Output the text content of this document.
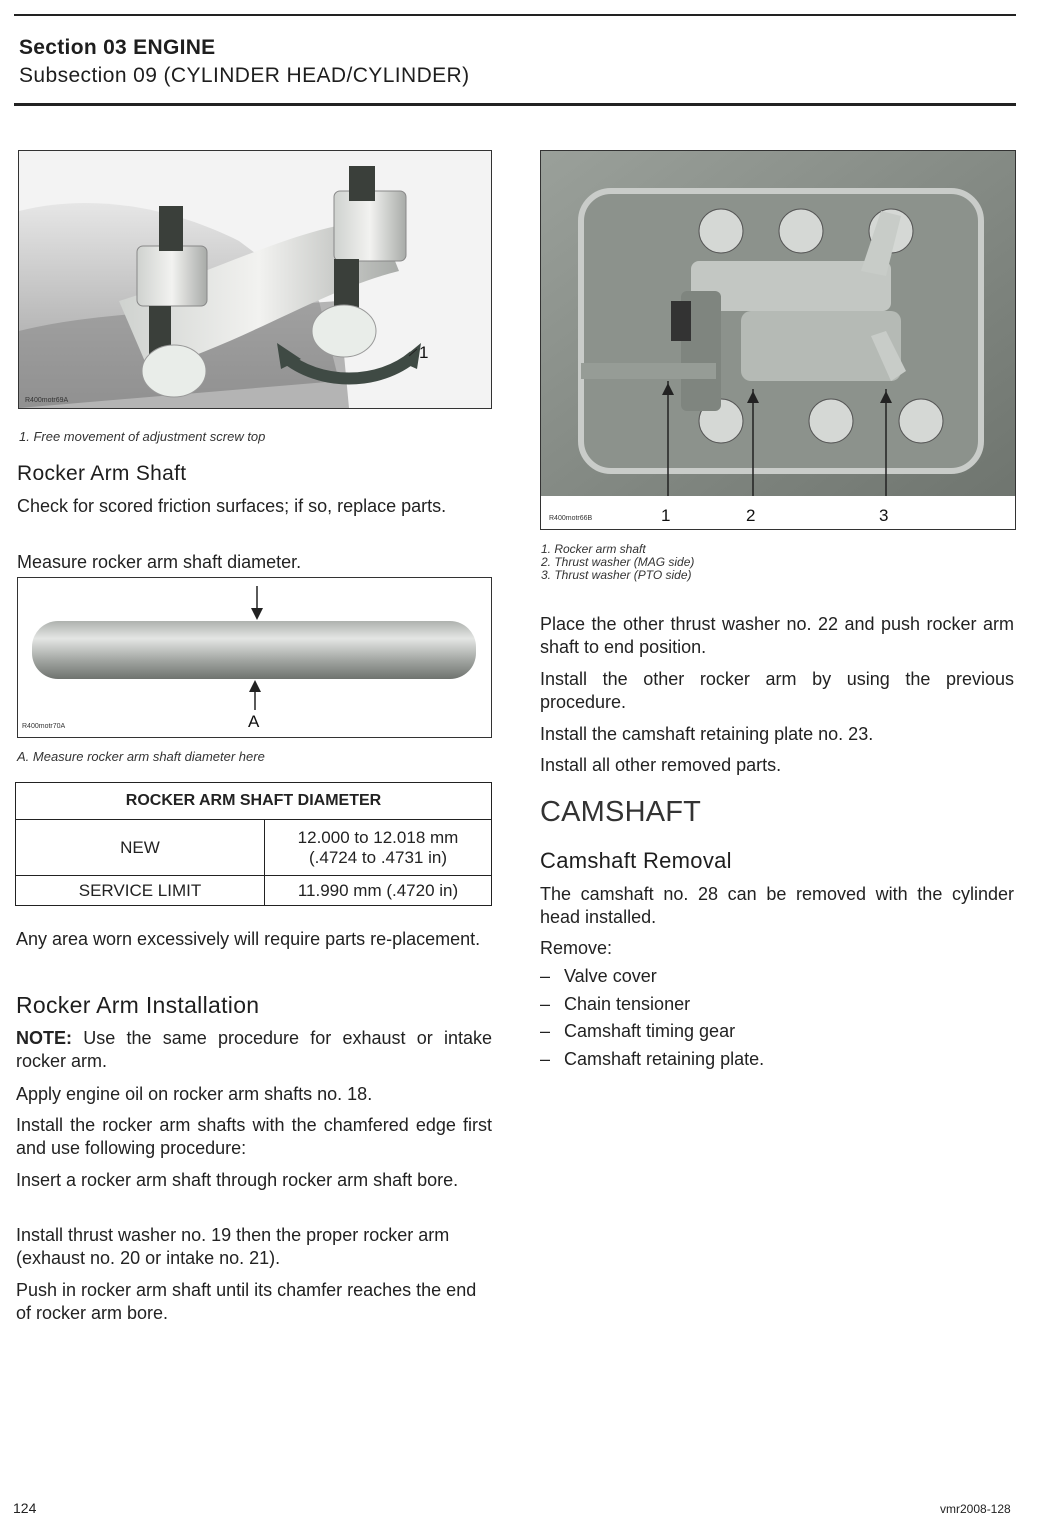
Section 03 ENGINE
Subsection 09 (CYLINDER HEAD/CYLINDER)
R400motr69A
1
1. Free movement of adjustment screw top
Rocker Arm Shaft
Check for scored friction surfaces; if so, replace parts.
Measure rocker arm shaft diameter.
R400motr70A	A
A. Measure rocker arm shaft diameter here
ROCKER ARM SHAFT DIAMETER	
NEW	12.000 to 12.018 mm
(.4724 to .4731 in)

SERVICE LIMIT	11.990 mm (.4720 in)
Any area worn excessively will require parts re-placement.
Rocker Arm Installation
NOTE: Use the same procedure for exhaust or intake rocker arm.
Apply engine oil on rocker arm shafts no. 18.
Install the rocker arm shafts with the chamfered edge first and use following procedure:
Insert a rocker arm shaft through rocker arm shaft bore.
Install thrust washer no. 19 then the proper rocker arm (exhaust no. 20 or intake no. 21).
Push in rocker arm shaft until its chamfer reaches the end of rocker arm bore.
R400motr66B	1	2	3
1. Rocker arm shaft
2. Thrust washer (MAG side)
3. Thrust washer (PTO side)
Place the other thrust washer no. 22 and push rocker arm shaft to end position.
Install the other rocker arm by using the previous procedure.
Install the camshaft retaining plate no. 23.
Install all other removed parts.
CAMSHAFT
Camshaft Removal
The camshaft no. 28 can be removed with the cylinder head installed.
Remove:
– Valve cover
– Chain tensioner
– Camshaft timing gear
– Camshaft retaining plate.
124	vmr2008-128
